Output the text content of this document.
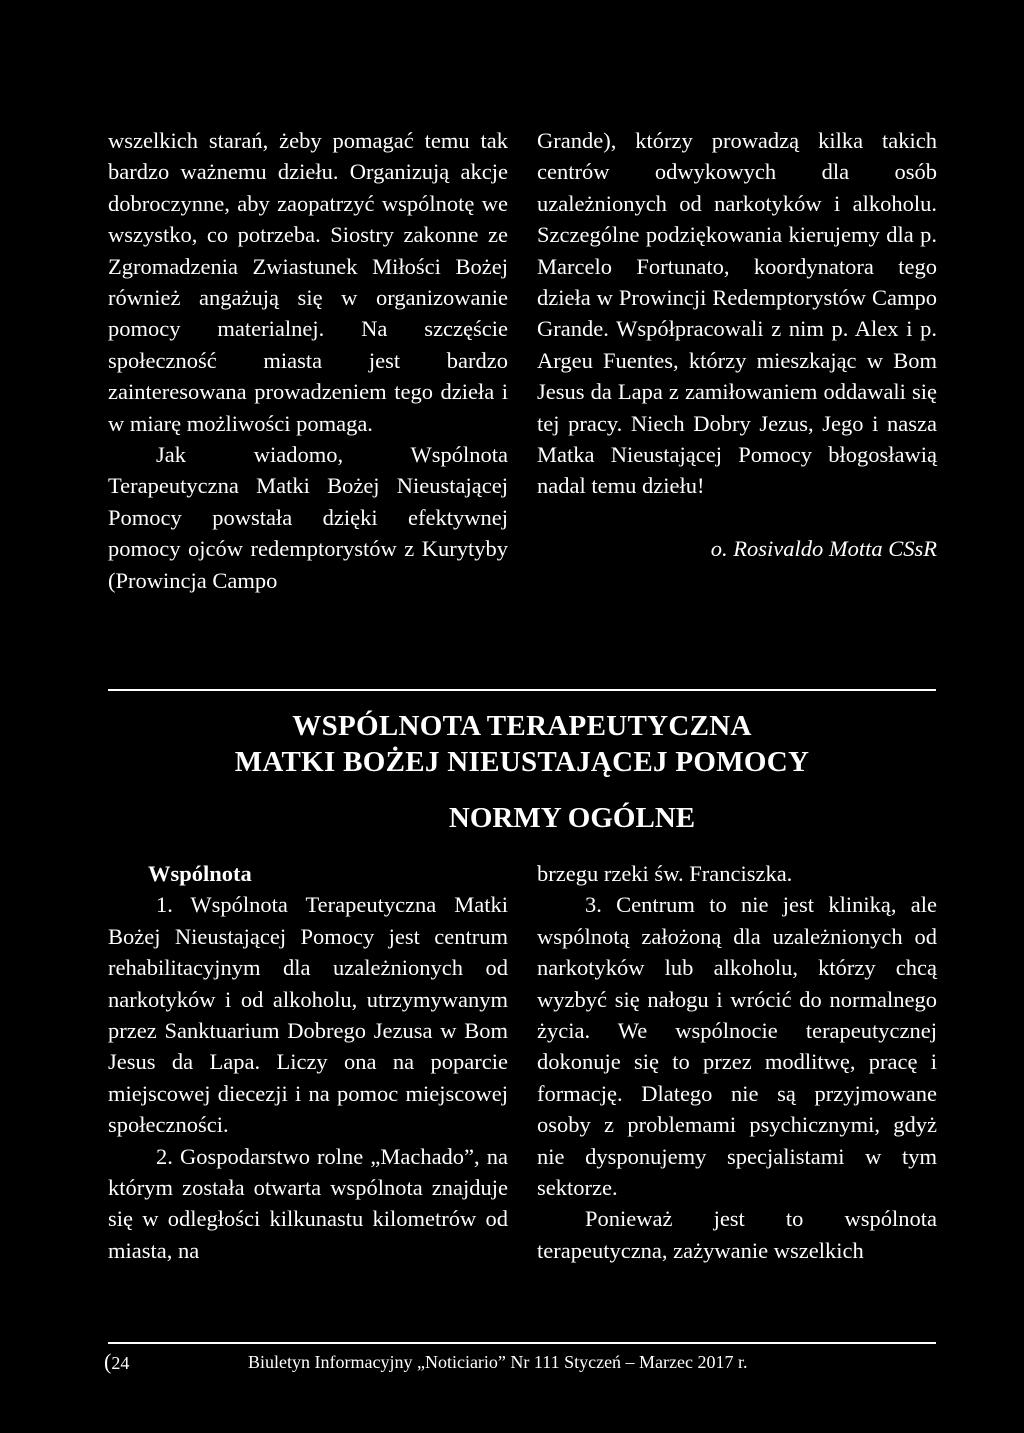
wszelkich starań, żeby pomagać temu tak bardzo ważnemu dziełu. Organizują akcje dobroczynne, aby zaopatrzyć wspólnotę we wszystko, co potrzeba. Siostry zakonne ze Zgromadzenia Zwiastunek Miłości Bożej również angażują się w organizowanie pomocy materialnej. Na szczęście społeczność miasta jest bardzo zainteresowana prowadzeniem tego dzieła i w miarę możliwości pomaga.

Jak wiadomo, Wspólnota Terapeutyczna Matki Bożej Nieustającej Pomocy powstała dzięki efektywnej pomocy ojców redemptorystów z Kurytyby (Prowincja Campo

Grande), którzy prowadzą kilka takich centrów odwykowych dla osób uzależnionych od narkotyków i alkoholu. Szczególne podziękowania kierujemy dla p. Marcelo Fortunato, koordynatora tego dzieła w Prowincji Redemptorystów Campo Grande. Współpracowali z nim p. Alex i p. Argeu Fuentes, którzy mieszkając w Bom Jesus da Lapa z zamiłowaniem oddawali się tej pracy. Niech Dobry Jezus, Jego i nasza Matka Nieustającej Pomocy błogosławią nadal temu dziełu!

o. Rosivaldo Motta CSsR

WSPÓLNOTA TERAPEUTYCZNA
MATKI BOŻEJ NIEUSTAJĄCEJ POMOCY
NORMY OGÓLNE

Wspólnota

1. Wspólnota Terapeutyczna Matki Bożej Nieustającej Pomocy jest centrum rehabilitacyjnym dla uzależnionych od narkotyków i od alkoholu, utrzymywanym przez Sanktuarium Dobrego Jezusa w Bom Jesus da Lapa. Liczy ona na poparcie miejscowej diecezji i na pomoc miejscowej społeczności.

2. Gospodarstwo rolne „Machado”, na którym została otwarta wspólnota znajduje się w odległości kilkunastu kilometrów od miasta, na

brzegu rzeki św. Franciszka.

3. Centrum to nie jest kliniką, ale wspólnotą założoną dla uzależnionych od narkotyków lub alkoholu, którzy chcą wyzbyć się nałogu i wrócić do normalnego życia. We wspólnocie terapeutycznej dokonuje się to przez modlitwę, pracę i formację. Dlatego nie są przyjmowane osoby z problemami psychicznymi, gdyż nie dysponujemy specjalistami w tym sektorze.

Ponieważ jest to wspólnota terapeutyczna, zażywanie wszelkich

(24	Biuletyn Informacyjny „Noticiario” Nr 111 Styczeń – Marzec 2017 r.
